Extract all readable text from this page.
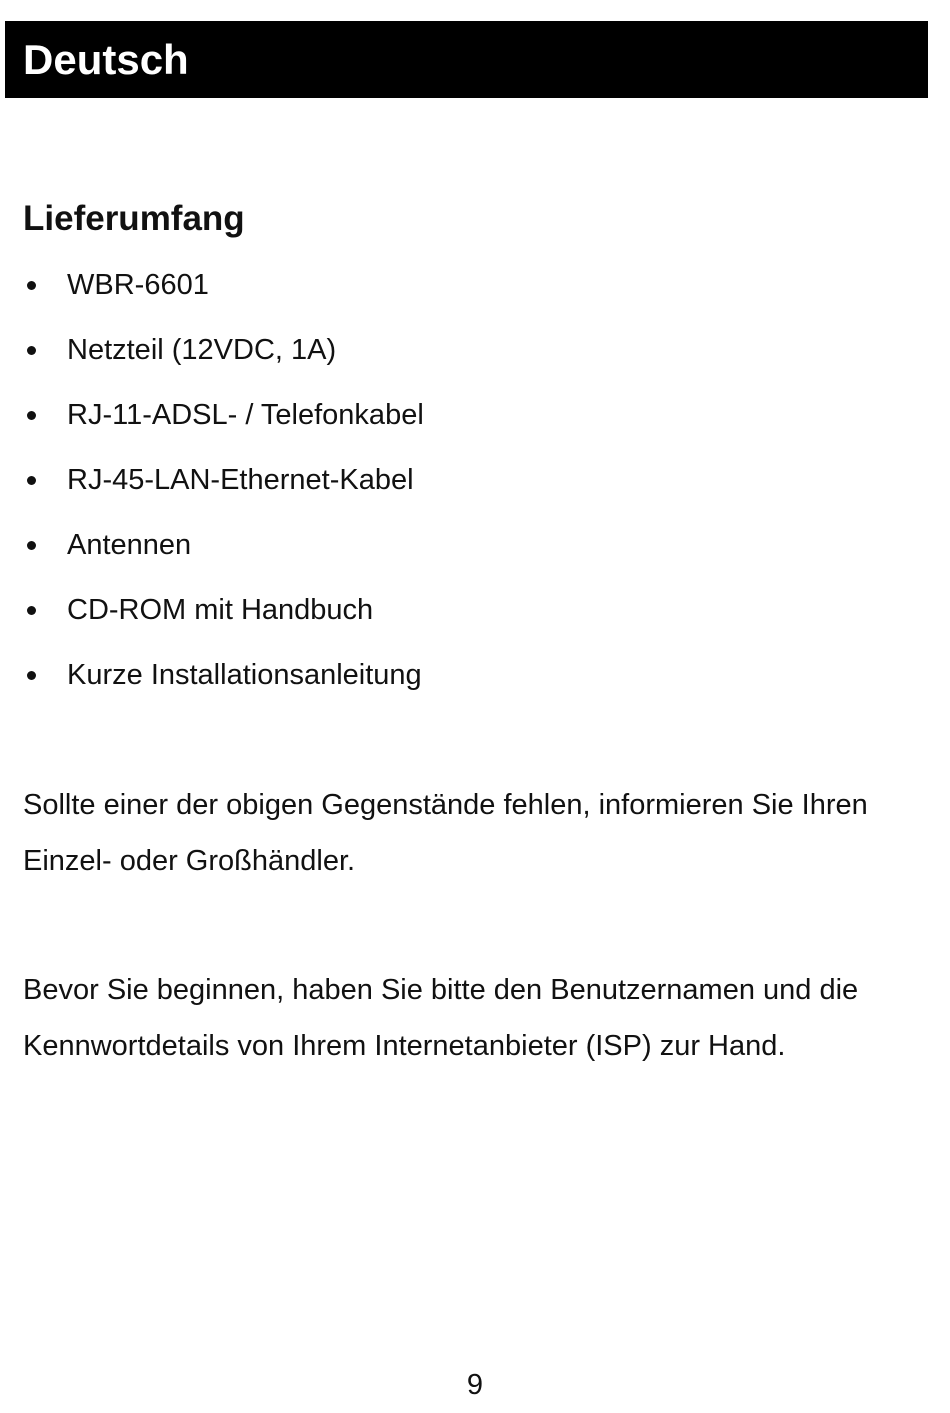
Deutsch
Lieferumfang
WBR-6601
Netzteil (12VDC, 1A)
RJ-11-ADSL- / Telefonkabel
RJ-45-LAN-Ethernet-Kabel
Antennen
CD-ROM mit Handbuch
Kurze Installationsanleitung

Sollte einer der obigen Gegenstände fehlen, informieren Sie Ihren
Einzel- oder Großhändler.

Bevor Sie beginnen, haben Sie bitte den Benutzernamen und die
Kennwortdetails von Ihrem Internetanbieter (ISP) zur Hand.

9
